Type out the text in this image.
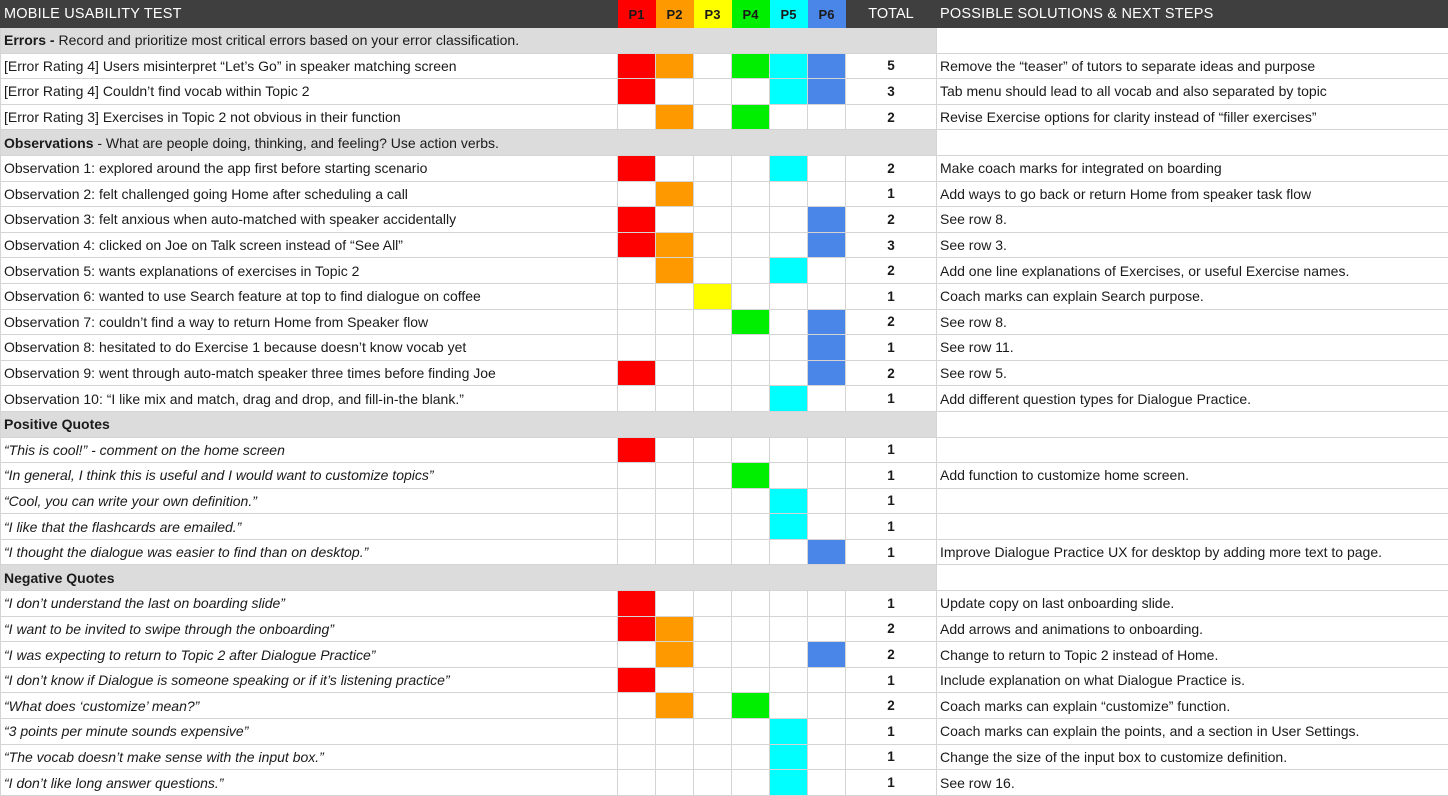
MOBILE USABILITY TEST	P1	P2	P3	P4	P5	P6	TOTAL	POSSIBLE SOLUTIONS & NEXT STEPS
Errors - Record and prioritize most critical errors based on your error classification.								
[Error Rating 4] Users misinterpret “Let’s Go” in speaker matching screen							5	Remove the “teaser” of tutors to separate ideas and purpose
[Error Rating 4] Couldn’t find vocab within Topic 2							3	Tab menu should lead to all vocab and also separated by topic
[Error Rating 3] Exercises in Topic 2 not obvious in their function							2	Revise Exercise options for clarity instead of “filler exercises”
Observations - What are people doing, thinking, and feeling? Use action verbs.								
Observation 1: explored around the app first before starting scenario							2	Make coach marks for integrated on boarding
Observation 2: felt challenged going Home after scheduling a call							1	Add ways to go back or return Home from speaker task flow
Observation 3: felt anxious when auto-matched with speaker accidentally							2	See row 8.
Observation 4: clicked on Joe on Talk screen instead of “See All”							3	See row 3.
Observation 5: wants explanations of exercises in Topic 2							2	Add one line explanations of Exercises, or useful Exercise names.
Observation 6: wanted to use Search feature at top to find dialogue on coffee							1	Coach marks can explain Search purpose.
Observation 7: couldn’t find a way to return Home from Speaker flow							2	See row 8.
Observation 8: hesitated to do Exercise 1 because doesn’t know vocab yet							1	See row 11.
Observation 9: went through auto-match speaker three times before finding Joe							2	See row 5.
Observation 10: “I like mix and match, drag and drop, and fill-in-the blank.”							1	Add different question types for Dialogue Practice.
Positive Quotes								
“This is cool!” - comment on the home screen							1	
“In general, I think this is useful and I would want to customize topics”							1	Add function to customize home screen.
“Cool, you can write your own definition.”							1	
“I like that the flashcards are emailed.”							1	
“I thought the dialogue was easier to find than on desktop.”							1	Improve Dialogue Practice UX for desktop by adding more text to page.
Negative Quotes								
“I don’t understand the last on boarding slide”							1	Update copy on last onboarding slide.
“I want to be invited to swipe through the onboarding”							2	Add arrows and animations to onboarding.
“I was expecting to return to Topic 2 after Dialogue Practice”							2	Change to return to Topic 2 instead of Home.
“I don’t know if Dialogue is someone speaking or if it’s listening practice”							1	Include explanation on what Dialogue Practice is.
“What does ‘customize’ mean?”							2	Coach marks can explain “customize” function.
“3 points per minute sounds expensive”							1	Coach marks can explain the points, and a section in User Settings.
“The vocab doesn’t make sense with the input box.”							1	Change the size of the input box to customize definition.
“I don’t like long answer questions.”							1	See row 16.
